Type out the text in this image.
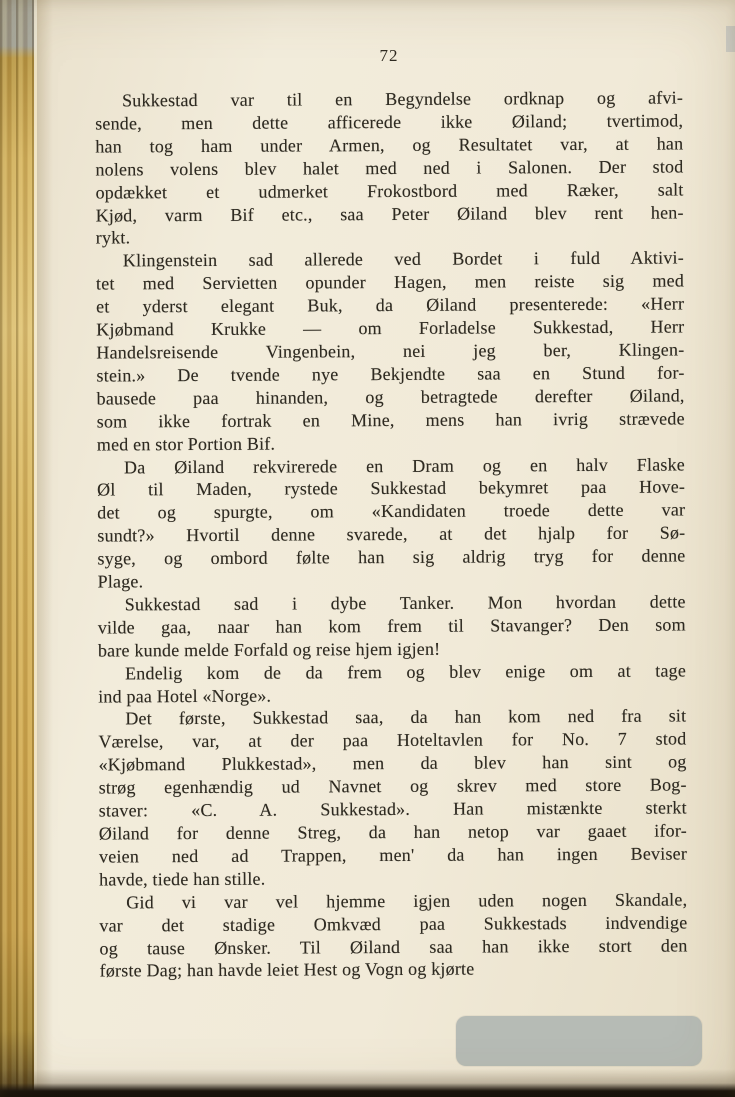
72

Sukkestad var til en Begyndelse ordknap og afvi-
sende, men dette afficerede ikke Øiland; tvertimod,
han tog ham under Armen, og Resultatet var, at han
nolens volens blev halet med ned i Salonen. Der stod
opdækket et udmerket Frokostbord med Ræker, salt
Kjød, varm Bif etc., saa Peter Øiland blev rent hen-
rykt.

Klingenstein sad allerede ved Bordet i fuld Aktivi-
tet med Servietten opunder Hagen, men reiste sig med
et yderst elegant Buk, da Øiland presenterede: «Herr
Kjøbmand Krukke — om Forladelse Sukkestad, Herr
Handelsreisende Vingenbein, nei jeg ber, Klingen-
stein.» De tvende nye Bekjendte saa en Stund for-
bausede paa hinanden, og betragtede derefter Øiland,
som ikke fortrak en Mine, mens han ivrig strævede
med en stor Portion Bif.

Da Øiland rekvirerede en Dram og en halv Flaske
Øl til Maden, rystede Sukkestad bekymret paa Hove-
det og spurgte, om «Kandidaten troede dette var
sundt?» Hvortil denne svarede, at det hjalp for Sø-
syge, og ombord følte han sig aldrig tryg for denne
Plage.

Sukkestad sad i dybe Tanker. Mon hvordan dette
vilde gaa, naar han kom frem til Stavanger? Den som
bare kunde melde Forfald og reise hjem igjen!

Endelig kom de da frem og blev enige om at tage
ind paa Hotel «Norge».

Det første, Sukkestad saa, da han kom ned fra sit
Værelse, var, at der paa Hoteltavlen for No. 7 stod
«Kjøbmand Plukkestad», men da blev han sint og
strøg egenhændig ud Navnet og skrev med store Bog-
staver: «C. A. Sukkestad». Han mistænkte sterkt
Øiland for denne Streg, da han netop var gaaet ifor-
veien ned ad Trappen, men' da han ingen Beviser
havde, tiede han stille.

Gid vi var vel hjemme igjen uden nogen Skandale,
var det stadige Omkvæd paa Sukkestads indvendige
og tause Ønsker. Til Øiland saa han ikke stort den
første Dag; han havde leiet Hest og Vogn og kjørte
